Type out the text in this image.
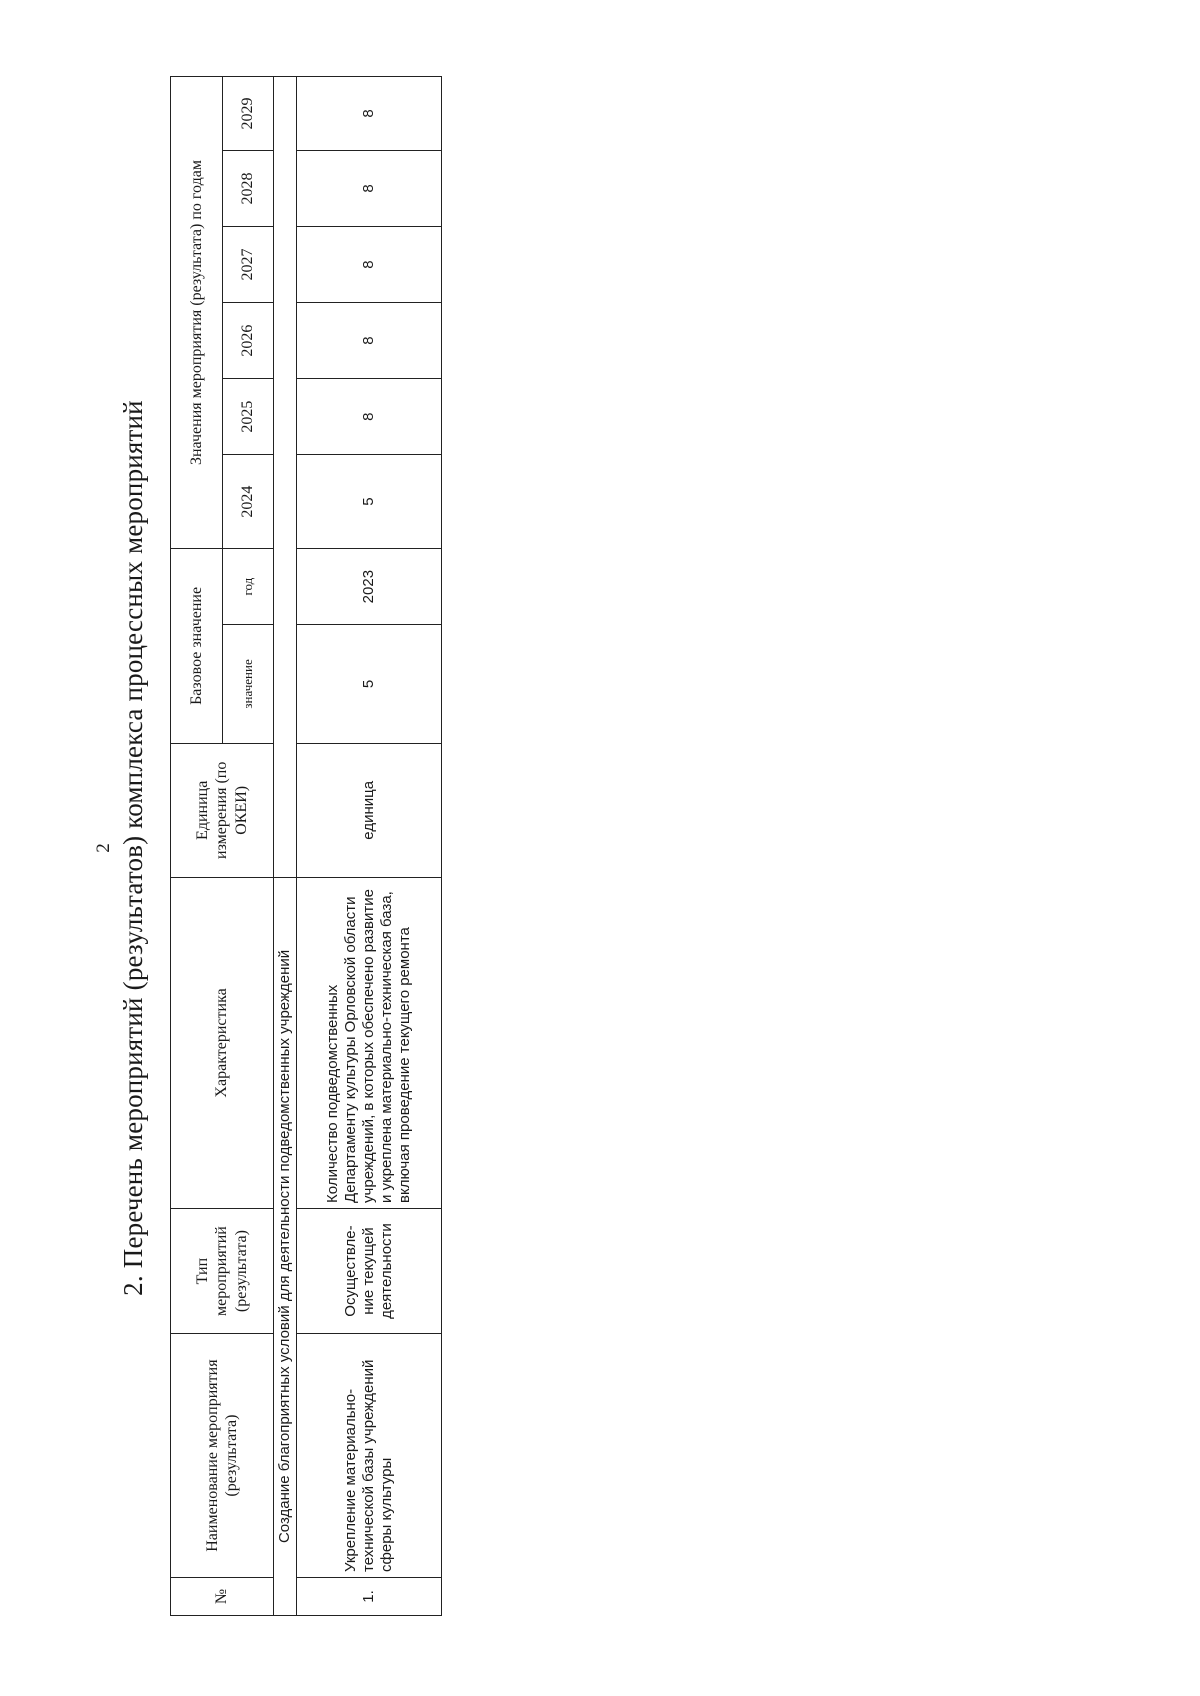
2 2. Перечень мероприятий (результатов) комплекса процессных мероприятий
№	Наименование мероприятия (результата)	Тип мероприятий (результата)	Характеристика	Единица измерения (по ОКЕИ)	Базовое значение		Значения мероприятия (результата) по годам					
					значение	год	2024	2025	2026	2027	2028	2029
Создание благоприятных условий для деятельности подведомственных учреждений												
1.	Укрепление материально-технической базы учреждений сферы культуры	Осуществле-ние текущей деятельности	Количество подведомственных Департаменту культуры Орловской области учреждений, в которых обеспечено развитие и укреплена материально-техническая база, включая проведение текущего ремонта	единица	5	2023	5	8	8	8	8	8
